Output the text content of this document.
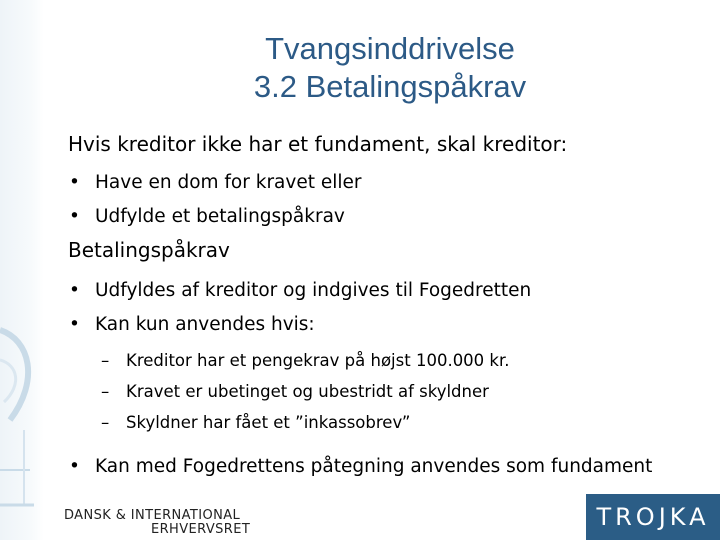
Tvangsinddrivelse
3.2 Betalingspåkrav
Hvis kreditor ikke har et fundament, skal kreditor:
• Have en dom for kravet eller
• Udfylde et betalingspåkrav
Betalingspåkrav
• Udfyldes af kreditor og indgives til Fogedretten
• Kan kun anvendes hvis:
– Kreditor har et pengekrav på højst 100.000 kr.
– Kravet er ubetinget og ubestridt af skyldner
– Skyldner har fået et ”inkassobrev”
• Kan med Fogedrettens påtegning anvendes som fundament
DANSK & INTERNATIONAL
ERHVERVSRET	TROJKA
